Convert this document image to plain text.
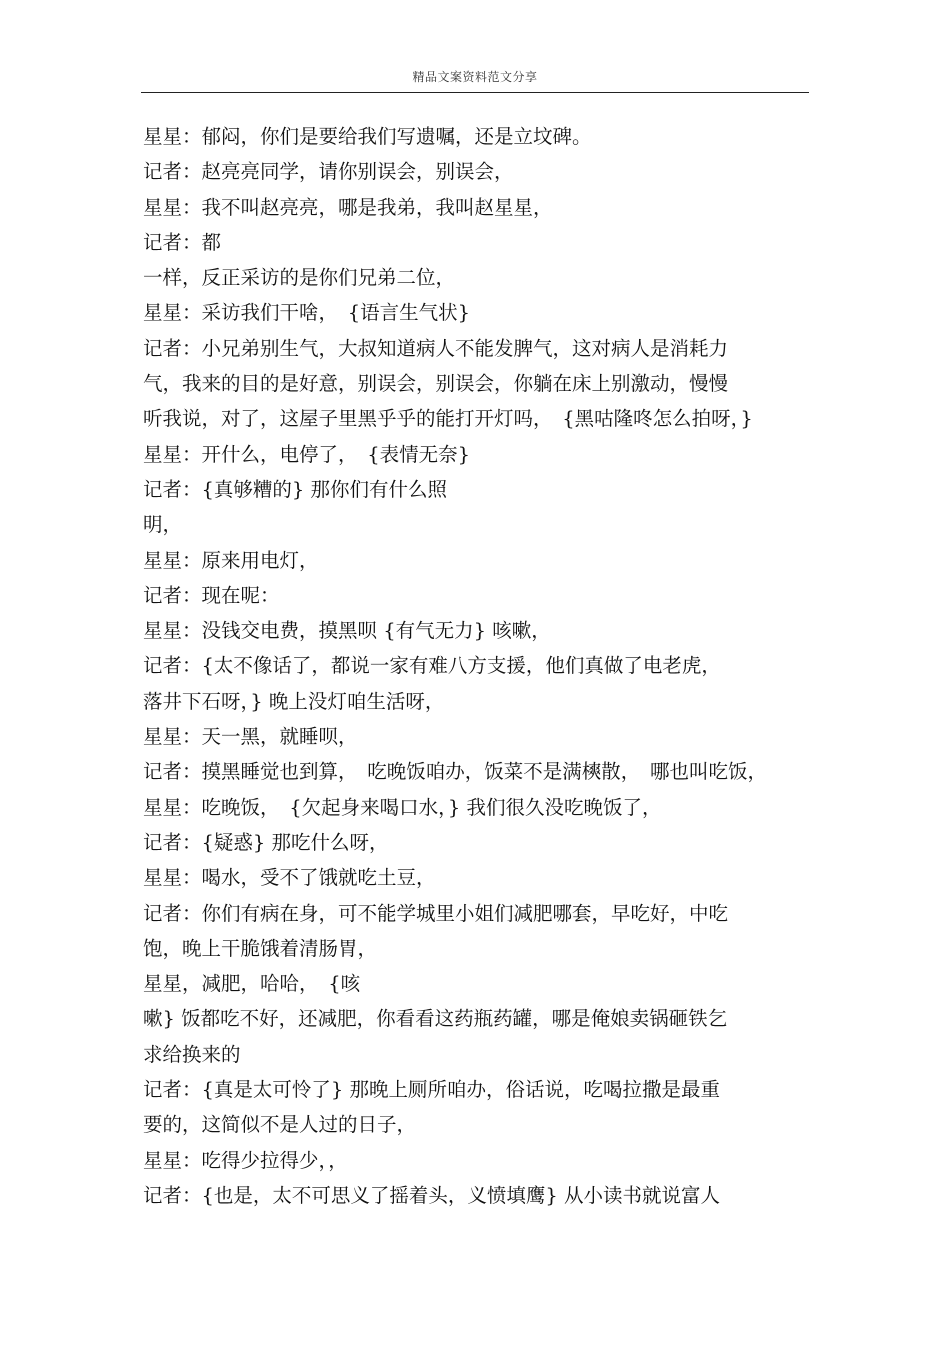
精品文案资料范文分享
星星：郁闷，你们是要给我们写遗嘱，还是立坟碑。
记者：赵亮亮同学，请你别误会，别误会，
星星：我不叫赵亮亮，哪是我弟，我叫赵星星，
记者：都
一样，反正采访的是你们兄弟二位，
星星：采访我们干啥，　{语言生气状}
记者：小兄弟别生气，大叔知道病人不能发脾气，这对病人是消耗力
气，我来的目的是好意，别误会，别误会，你躺在床上别激动，慢慢
听我说，对了，这屋子里黑乎乎的能打开灯吗，　{黑咕隆咚怎么拍呀，}
星星：开什么，电停了，　{表情无奈}
记者：{真够糟的} 那你们有什么照
明，
星星：原来用电灯，
记者：现在呢：
星星：没钱交电费，摸黑呗 {有气无力} 咳嗽，
记者：{太不像话了，都说一家有难八方支援，他们真做了电老虎，
落井下石呀，} 晚上没灯咱生活呀，
星星：天一黑，就睡呗，
记者：摸黑睡觉也到算，　吃晚饭咱办，饭菜不是满樉散，　哪也叫吃饭，
星星：吃晚饭，　{欠起身来喝口水，} 我们很久没吃晚饭了，
记者：{疑惑} 那吃什么呀，
星星：喝水，受不了饿就吃土豆，
记者：你们有病在身，可不能学城里小姐们减肥哪套，早吃好，中吃
饱，晚上干脆饿着清肠胃，
星星，减肥，哈哈，　{咳
嗽} 饭都吃不好，还减肥，你看看这药瓶药罐，哪是俺娘卖锅砸铁乞
求给换来的
记者：{真是太可怜了} 那晚上厕所咱办，俗话说，吃喝拉撒是最重
要的，这简似不是人过的日子，
星星：吃得少拉得少，，
记者：{也是，太不可思义了摇着头，义愤填鹰} 从小读书就说富人
